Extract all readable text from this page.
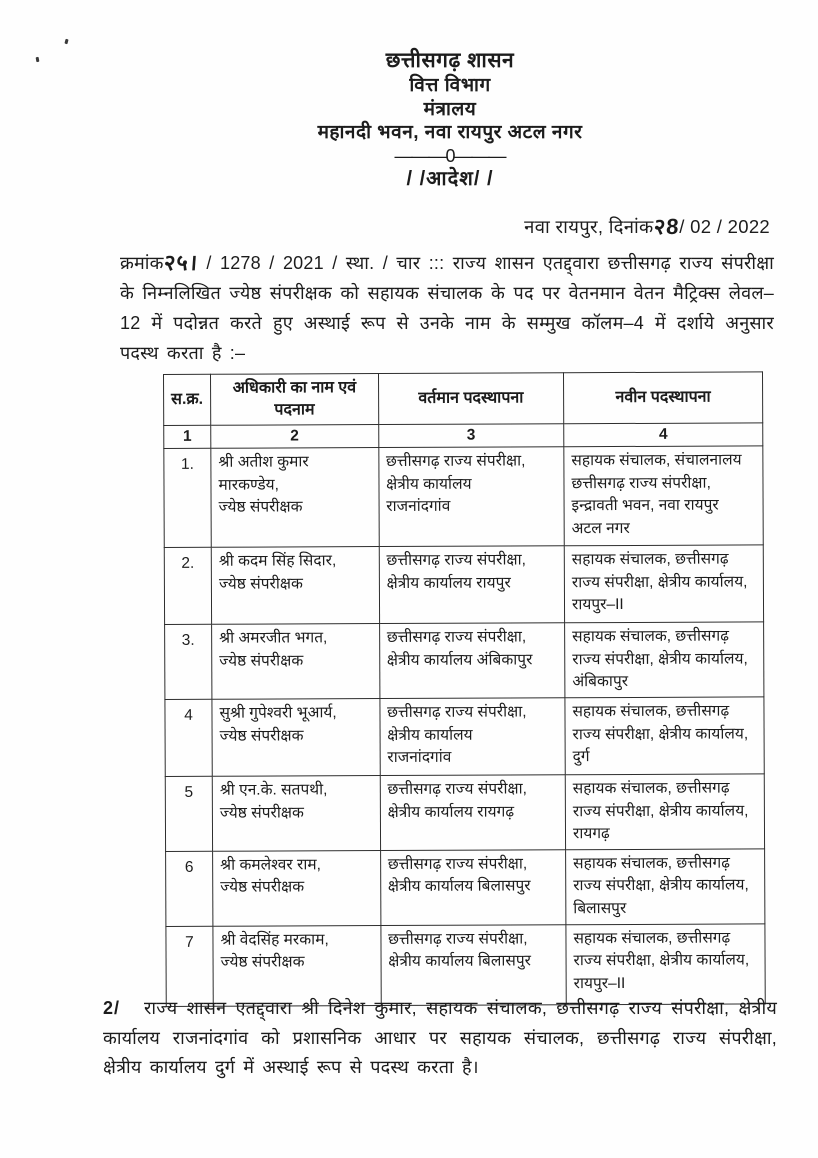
छत्तीसगढ़ शासन
वित्त विभाग
मंत्रालय
महानदी भवन, नवा रायपुर अटल नगर
———0———
/ /आदेश/ /
नवा रायपुर, दिनांक२8/ 02 / 2022

क्रमांक२५। / 1278 / 2021 / स्था. / चार ::: राज्य शासन एतद्द्वारा छत्तीसगढ़ राज्य संपरीक्षा के निम्नलिखित ज्येष्ठ संपरीक्षक को सहायक संचालक के पद पर वेतनमान वेतन मैट्रिक्स लेवल–12 में पदोन्नत करते हुए अस्थाई रूप से उनके नाम के सम्मुख कॉलम–4 में दर्शाये अनुसार पदस्थ करता है :–

स.क्र.	अधिकारी का नाम एवं पदनाम	वर्तमान पदस्थापना	नवीन पदस्थापना
1	2	3	4
1.	श्री अतीश कुमार
मारकण्डेय,
ज्येष्ठ संपरीक्षक	छत्तीसगढ़ राज्य संपरीक्षा,
क्षेत्रीय कार्यालय
राजनांदगांव	सहायक संचालक, संचालनालय
छत्तीसगढ़ राज्य संपरीक्षा,
इन्द्रावती भवन, नवा रायपुर
अटल नगर
2.	श्री कदम सिंह सिदार,
ज्येष्ठ संपरीक्षक	छत्तीसगढ़ राज्य संपरीक्षा,
क्षेत्रीय कार्यालय रायपुर	सहायक संचालक, छत्तीसगढ़
राज्य संपरीक्षा, क्षेत्रीय कार्यालय,
रायपुर–II
3.	श्री अमरजीत भगत,
ज्येष्ठ संपरीक्षक	छत्तीसगढ़ राज्य संपरीक्षा,
क्षेत्रीय कार्यालय अंबिकापुर	सहायक संचालक, छत्तीसगढ़
राज्य संपरीक्षा, क्षेत्रीय कार्यालय,
अंबिकापुर
4	सुश्री गुपेश्वरी भूआर्य,
ज्येष्ठ संपरीक्षक	छत्तीसगढ़ राज्य संपरीक्षा,
क्षेत्रीय कार्यालय
राजनांदगांव	सहायक संचालक, छत्तीसगढ़
राज्य संपरीक्षा, क्षेत्रीय कार्यालय,
दुर्ग
5	श्री एन.के. सतपथी,
ज्येष्ठ संपरीक्षक	छत्तीसगढ़ राज्य संपरीक्षा,
क्षेत्रीय कार्यालय रायगढ़	सहायक संचालक, छत्तीसगढ़
राज्य संपरीक्षा, क्षेत्रीय कार्यालय,
रायगढ़
6	श्री कमलेश्वर राम,
ज्येष्ठ संपरीक्षक	छत्तीसगढ़ राज्य संपरीक्षा,
क्षेत्रीय कार्यालय बिलासपुर	सहायक संचालक, छत्तीसगढ़
राज्य संपरीक्षा, क्षेत्रीय कार्यालय,
बिलासपुर
7	श्री वेदसिंह मरकाम,
ज्येष्ठ संपरीक्षक	छत्तीसगढ़ राज्य संपरीक्षा,
क्षेत्रीय कार्यालय बिलासपुर	सहायक संचालक, छत्तीसगढ़
राज्य संपरीक्षा, क्षेत्रीय कार्यालय,
रायपुर–II

2/ राज्य शासन एतद्द्वारा श्री दिनेश कुमार, सहायक संचालक, छत्तीसगढ़ राज्य संपरीक्षा, क्षेत्रीय कार्यालय राजनांदगांव को प्रशासनिक आधार पर सहायक संचालक, छत्तीसगढ़ राज्य संपरीक्षा, क्षेत्रीय कार्यालय दुर्ग में अस्थाई रूप से पदस्थ करता है।
